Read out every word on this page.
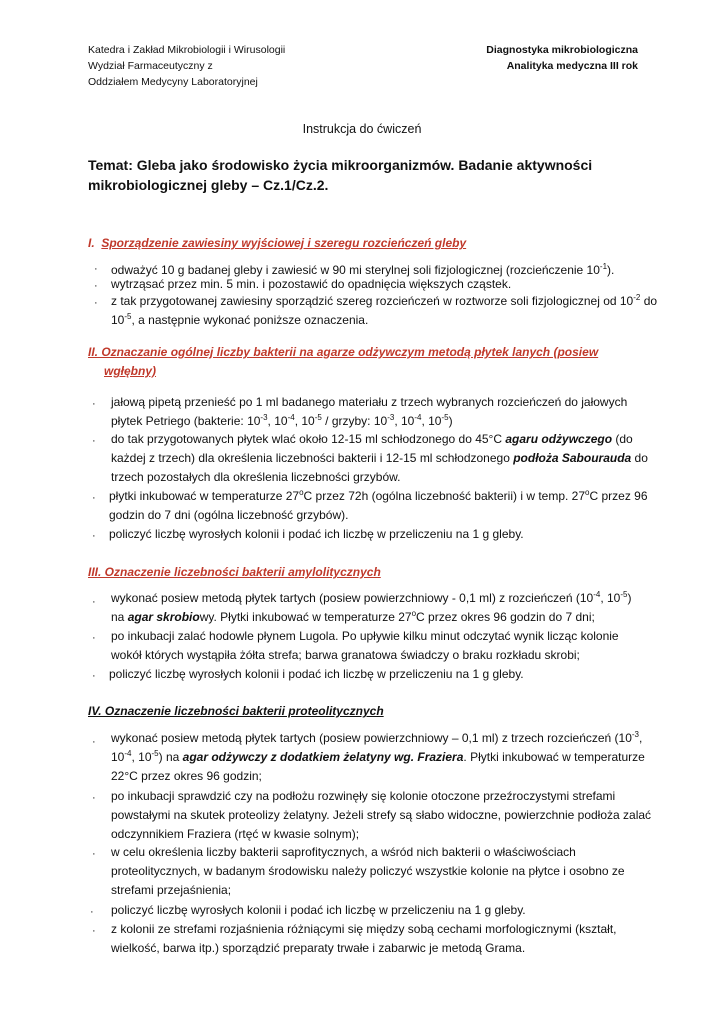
Katedra i Zakład Mikrobiologii i Wirusologii
Wydział Farmaceutyczny z
Oddziałem Medycyny Laboratoryjnej
Diagnostyka mikrobiologiczna
Analityka medyczna III rok
Instrukcja do ćwiczeń
Temat: Gleba jako środowisko życia mikroorganizmów. Badanie aktywności mikrobiologicznej gleby – Cz.1/Cz.2.
I. Sporządzenie zawiesiny wyjściowej i szeregu rozcieńczeń gleby
· odważyć 10 g badanej gleby i zawiesić w 90 mi sterylnej soli fizjologicznej (rozcieńczenie $10^{-1}$).
· wytrząsać przez min. 5 min. i pozostawić do opadnięcia większych cząstek.
· z tak przygotowanej zawiesiny sporządzić szereg rozcieńczeń w roztworze soli fizjologicznej od $10^{-2}$ do
$10^{-5}$, a następnie wykonać poniższe oznaczenia.
II. Oznaczanie ogólnej liczby bakterii na agarze odżywczym metodą płytek lanych (posiew
wgłębny)
· jałową pipetą przenieść po 1 ml badanego materiału z trzech wybranych rozcieńczeń do jałowych
płytek Petriego (bakterie: $10^{-3}$, $10^{-4}$, $10^{-5}$ / grzyby: $10^{-3}$, $10^{-4}$, $10^{-5}$)
· do tak przygotowanych płytek wlać około 12-15 ml schłodzonego do 45°C agaru odżywczego (do
każdej z trzech) dla określenia liczebności bakterii i 12-15 ml schłodzonego podłoża Sabourauda do
trzech pozostałych dla określenia liczebności grzybów.
· płytki inkubować w temperaturze 27$^o$C przez 72h (ogólna liczebność bakterii) i w temp. 27$^o$C przez 96
godzin do 7 dni (ogólna liczebność grzybów).
· policzyć liczbę wyrosłych kolonii i podać ich liczbę w przeliczeniu na 1 g gleby.
III. Oznaczenie liczebności bakterii amylolitycznych
· wykonać posiew metodą płytek tartych (posiew powierzchniowy - 0,1 ml) z rozcieńczeń ($10^{-4}$, $10^{-5}$)
na agar skrobiowy. Płytki inkubować w temperaturze 27$^o$C przez okres 96 godzin do 7 dni;
· po inkubacji zalać hodowle płynem Lugola. Po upływie kilku minut odczytać wynik licząc kolonie
wokół których wystąpiła żółta strefa; barwa granatowa świadczy o braku rozkładu skrobi;
· policzyć liczbę wyrosłych kolonii i podać ich liczbę w przeliczeniu na 1 g gleby.
IV. Oznaczenie liczebności bakterii proteolitycznych
· wykonać posiew metodą płytek tartych (posiew powierzchniowy – 0,1 ml) z trzech rozcieńczeń ($10^{-3}$,
$10^{-4}$, $10^{-5}$) na agar odżywczy z dodatkiem żelatyny wg. Fraziera. Płytki inkubować w temperaturze
22°C przez okres 96 godzin;
· po inkubacji sprawdzić czy na podłożu rozwinęły się kolonie otoczone przeźroczystymi strefami
powstałymi na skutek proteolizy żelatyny. Jeżeli strefy są słabo widoczne, powierzchnie podłoża zalać
odczynnikiem Fraziera (rtęć w kwasie solnym);
· w celu określenia liczby bakterii saprofitycznych, a wśród nich bakterii o właściwościach
proteolitycznych, w badanym środowisku należy policzyć wszystkie kolonie na płytce i osobno ze
strefami przejaśnienia;
· policzyć liczbę wyrosłych kolonii i podać ich liczbę w przeliczeniu na 1 g gleby.
· z kolonii ze strefami rozjaśnienia różniącymi się między sobą cechami morfologicznymi (kształt,
wielkość, barwa itp.) sporządzić preparaty trwałe i zabarwic je metodą Grama.
